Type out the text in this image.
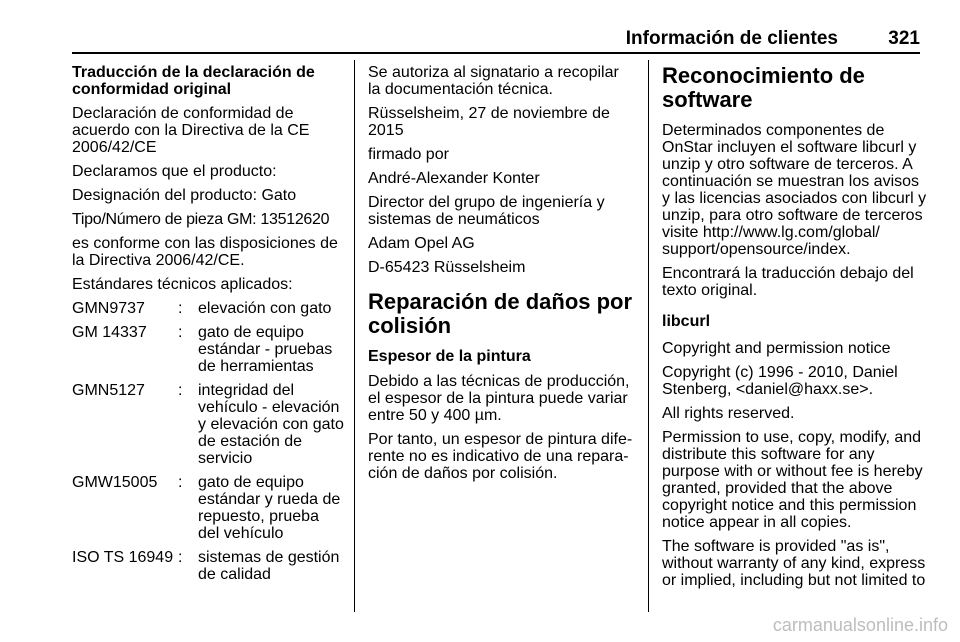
Información de clientes	321

Traducción de la declaración de conformidad original

Declaración de conformidad de acuerdo con la Directiva de la CE 2006/42/CE

Declaramos que el producto:

Designación del producto: Gato

Tipo/Número de pieza GM: 13512620

es conforme con las disposiciones de la Directiva 2006/42/CE.

Estándares técnicos aplicados:

GMN9737	:	elevación con gato
GM 14337	:	gato de equipo estándar - pruebas de herramientas
GMN5127	:	integridad del vehículo - elevación y elevación con gato de estación de servicio
GMW15005	:	gato de equipo estándar y rueda de repuesto, prueba del vehículo
ISO TS 16949	:	sistemas de gestión de calidad

Se autoriza al signatario a recopilar la documentación técnica.

Rüsselsheim, 27 de noviembre de 2015

firmado por

André-Alexander Konter

Director del grupo de ingeniería y sistemas de neumáticos

Adam Opel AG

D-65423 Rüsselsheim

Reparación de daños por colisión
Espesor de la pintura

Debido a las técnicas de producción, el espesor de la pintura puede variar entre 50 y 400 µm.

Por tanto, un espesor de pintura dife-rente no es indicativo de una repara-ción de daños por colisión.

Reconocimiento de software

Determinados componentes de OnStar incluyen el software libcurl y unzip y otro software de terceros. A continuación se muestran los avisos y las licencias asociados con libcurl y unzip, para otro software de terceros visite http://www.lg.com/global/ support/opensource/index.

Encontrará la traducción debajo del texto original.

libcurl

Copyright and permission notice

Copyright (c) 1996 - 2010, Daniel Stenberg, <daniel@haxx.se>.

All rights reserved.

Permission to use, copy, modify, and distribute this software for any purpose with or without fee is hereby granted, provided that the above copyright notice and this permission notice appear in all copies.

The software is provided "as is", without warranty of any kind, express or implied, including but not limited to

carmanualsonline.info
